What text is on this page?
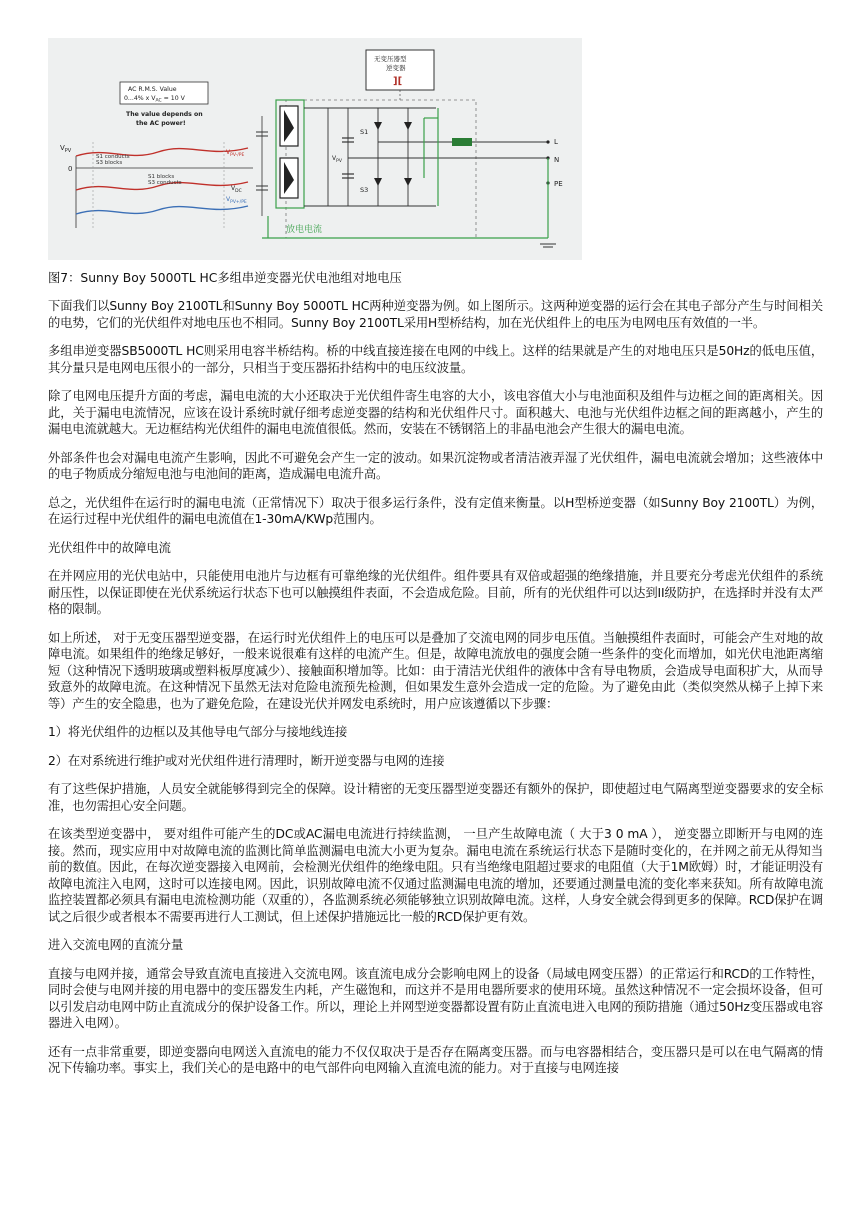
$V_{PV}$
0
S1 conducts
S3 blocks
S1 blocks
S3 conducts
$V_{PV-/PE}$
$V_{DC}$
$V_{PV+/PE}$
AC R.M.S. Value
0...4% x $V_{AC} = 10$ V
The value depends on
the AC power!
无变压器型
逆变器
][
$V_{PV}$
S1
S3
L
N
PE
放电电流
图7：Sunny Boy 5000TL HC多组串逆变器光伏电池组对地电压
下面我们以Sunny Boy 2100TL和Sunny Boy 5000TL HC两种逆变器为例。如上图所示。这两种逆变器的运行会在其电子部分产生与时间相关的电势，它们的光伏组件对地电压也不相同。Sunny Boy 2100TL采用H型桥结构，加在光伏组件上的电压为电网电压有效值的一半。
多组串逆变器SB5000TL HC则采用电容半桥结构。桥的中线直接连接在电网的中线上。这样的结果就是产生的对地电压只是50Hz的低电压值，其分量只是电网电压很小的一部分，只相当于变压器拓扑结构中的电压纹波量。
除了电网电压提升方面的考虑，漏电电流的大小还取决于光伏组件寄生电容的大小，该电容值大小与电池面积及组件与边框之间的距离相关。因此，关于漏电电流情况，应该在设计系统时就仔细考虑逆变器的结构和光伏组件尺寸。面积越大、电池与光伏组件边框之间的距离越小，产生的漏电电流就越大。无边框结构光伏组件的漏电电流值很低。然而，安装在不锈钢箔上的非晶电池会产生很大的漏电电流。
外部条件也会对漏电电流产生影响，因此不可避免会产生一定的波动。如果沉淀物或者清洁液弄湿了光伏组件，漏电电流就会增加；这些液体中的电子物质成分缩短电池与电池间的距离，造成漏电电流升高。
总之，光伏组件在运行时的漏电电流（正常情况下）取决于很多运行条件，没有定值来衡量。以H型桥逆变器（如Sunny Boy 2100TL）为例，在运行过程中光伏组件的漏电电流值在1-30mA/KWp范围内。
光伏组件中的故障电流
在并网应用的光伏电站中，只能使用电池片与边框有可靠绝缘的光伏组件。组件要具有双倍或超强的绝缘措施，并且要充分考虑光伏组件的系统耐压性，以保证即使在光伏系统运行状态下也可以触摸组件表面，不会造成危险。目前，所有的光伏组件可以达到II级防护，在选择时并没有太严格的限制。
如上所述， 对于无变压器型逆变器，在运行时光伏组件上的电压可以是叠加了交流电网的同步电压值。当触摸组件表面时，可能会产生对地的故障电流。如果组件的绝缘足够好，一般来说很难有这样的电流产生。但是，故障电流放电的强度会随一些条件的变化而增加，如光伏电池距离缩短（这种情况下透明玻璃或塑料板厚度减少）、接触面积增加等。比如：由于清洁光伏组件的液体中含有导电物质，会造成导电面积扩大，从而导致意外的故障电流。在这种情况下虽然无法对危险电流预先检测，但如果发生意外会造成一定的危险。为了避免由此（类似突然从梯子上掉下来等）产生的安全隐患，也为了避免危险，在建设光伏并网发电系统时，用户应该遵循以下步骤：
1）将光伏组件的边框以及其他导电气部分与接地线连接
2）在对系统进行维护或对光伏组件进行清理时，断开逆变器与电网的连接
有了这些保护措施，人员安全就能够得到完全的保障。设计精密的无变压器型逆变器还有额外的保护，即使超过电气隔离型逆变器要求的安全标准，也勿需担心安全问题。
在该类型逆变器中， 要对组件可能产生的DC或AC漏电电流进行持续监测， 一旦产生故障电流（ 大于3 0 mA ）， 逆变器立即断开与电网的连接。然而，现实应用中对故障电流的监测比简单监测漏电电流大小更为复杂。漏电电流在系统运行状态下是随时变化的，在并网之前无从得知当前的数值。因此，在每次逆变器接入电网前，会检测光伏组件的绝缘电阻。只有当绝缘电阻超过要求的电阻值（大于1M欧姆）时，才能证明没有故障电流注入电网，这时可以连接电网。因此，识别故障电流不仅通过监测漏电电流的增加，还要通过测量电流的变化率来获知。所有故障电流监控装置都必须具有漏电电流检测功能（双重的），各监测系统必须能够独立识别故障电流。这样，人身安全就会得到更多的保障。RCD保护在调试之后很少或者根本不需要再进行人工测试，但上述保护措施远比一般的RCD保护更有效。
进入交流电网的直流分量
直接与电网并接，通常会导致直流电直接进入交流电网。该直流电成分会影响电网上的设备（局域电网变压器）的正常运行和RCD的工作特性，同时会使与电网并接的用电器中的变压器发生内耗，产生磁饱和，而这并不是用电器所要求的使用环境。虽然这种情况不一定会损坏设备，但可以引发启动电网中防止直流成分的保护设备工作。所以，理论上并网型逆变器都设置有防止直流电进入电网的预防措施（通过50Hz变压器或电容器进入电网）。
还有一点非常重要，即逆变器向电网送入直流电的能力不仅仅取决于是否存在隔离变压器。而与电容器相结合，变压器只是可以在电气隔离的情况下传输功率。事实上，我们关心的是电路中的电气部件向电网输入直流电流的能力。对于直接与电网连接
